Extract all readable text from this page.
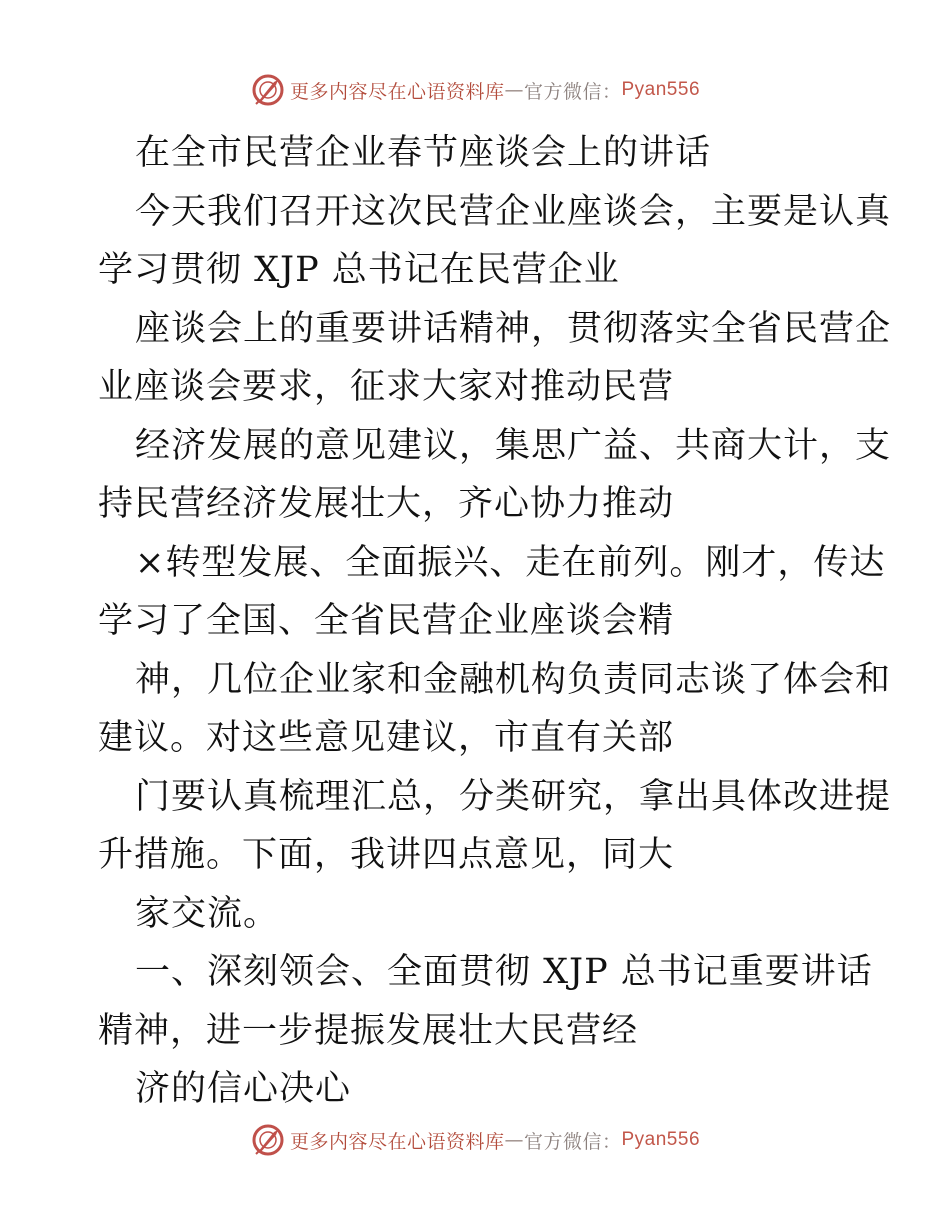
更多内容尽在心语资料库 — 官方微信： Pyan556
在全市民营企业春节座谈会上的讲话
今天我们召开这次民营企业座谈会，主要是认真
学习贯彻 XJP 总书记在民营企业
座谈会上的重要讲话精神，贯彻落实全省民营企
业座谈会要求，征求大家对推动民营
经济发展的意见建议，集思广益、共商大计，支
持民营经济发展壮大，齐心协力推动
×转型发展、全面振兴、走在前列。刚才，传达
学习了全国、全省民营企业座谈会精
神，几位企业家和金融机构负责同志谈了体会和
建议。对这些意见建议，市直有关部
门要认真梳理汇总，分类研究，拿出具体改进提
升措施。下面，我讲四点意见，同大
家交流。
一、深刻领会、全面贯彻 XJP 总书记重要讲话
精神，进一步提振发展壮大民营经
济的信心决心
更多内容尽在心语资料库 — 官方微信： Pyan556
